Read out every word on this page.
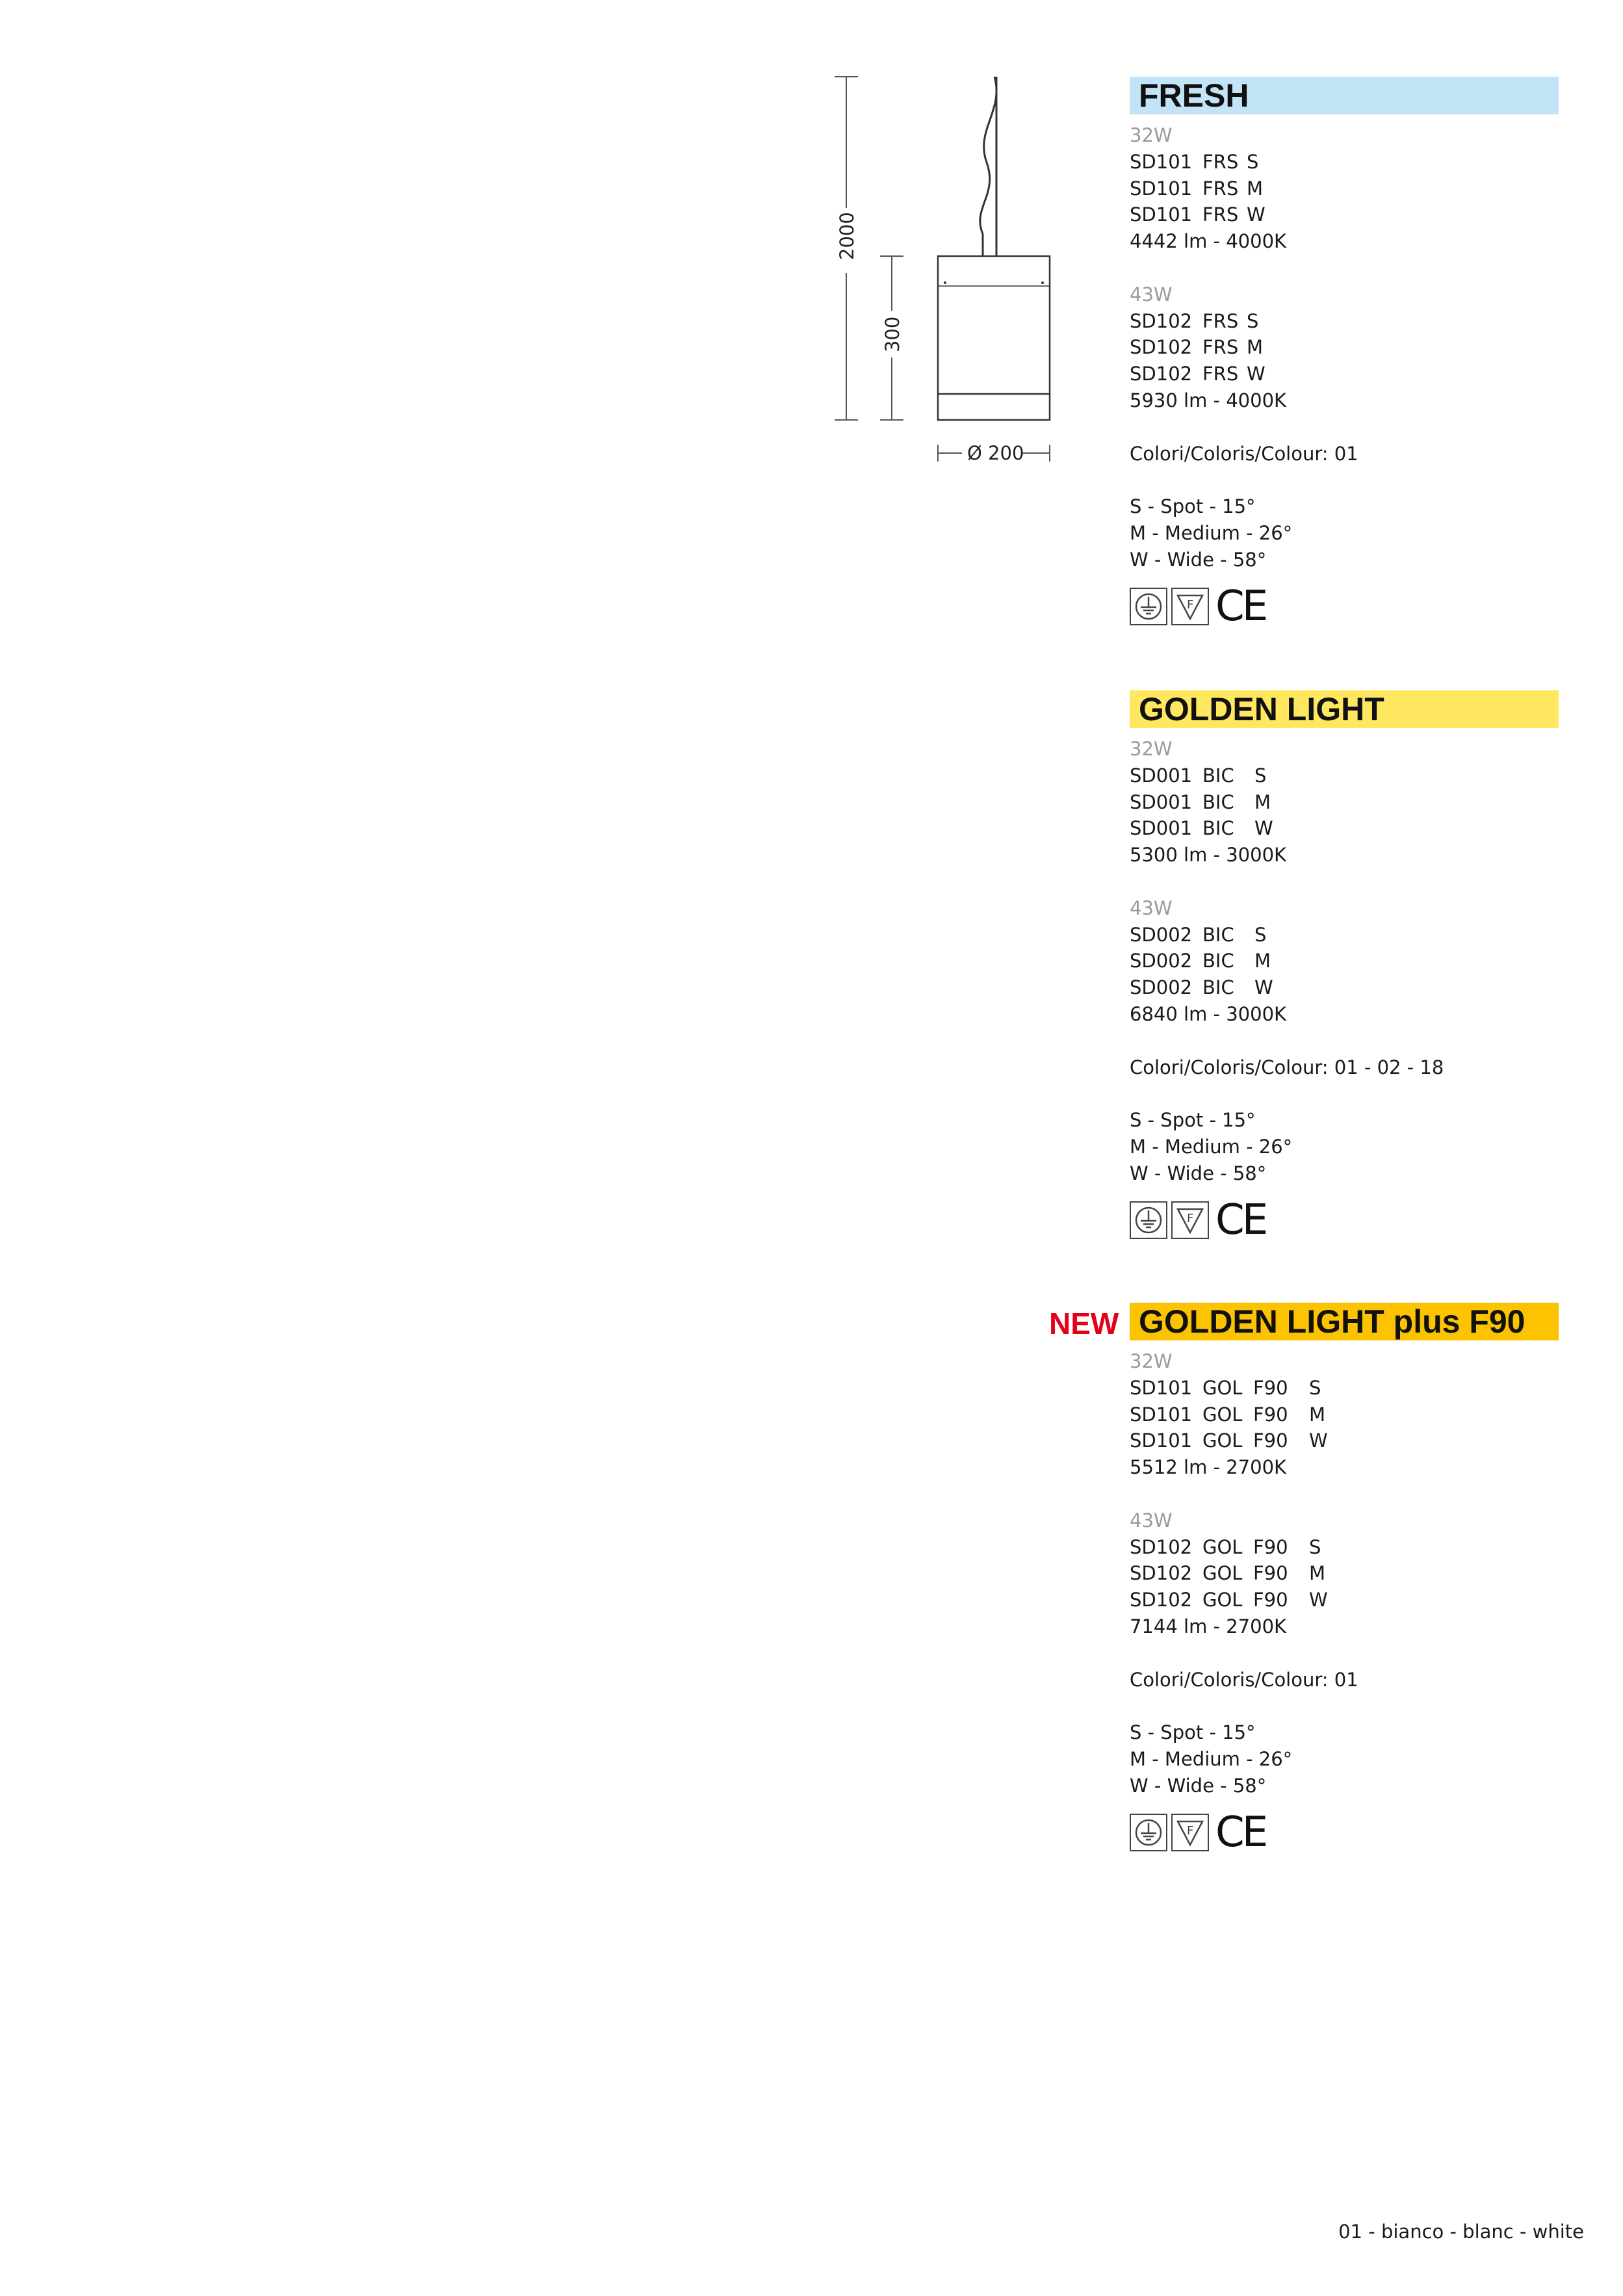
2000
300
Ø 200
FRESH
32W
SD101 FRS S
SD101 FRS M
SD101 FRS W
4442 lm - 4000K
43W
SD102 FRS S
SD102 FRS M
SD102 FRS W
5930 lm - 4000K
Colori/Coloris/Colour: 01
S - Spot - 15°
M - Medium - 26°
W - Wide - 58°
F CE
GOLDEN LIGHT
32W
SD001 BIC S
SD001 BIC M
SD001 BIC W
5300 lm - 3000K
43W
SD002 BIC S
SD002 BIC M
SD002 BIC W
6840 lm - 3000K
Colori/Coloris/Colour: 01 - 02 - 18
S - Spot - 15°
M - Medium - 26°
W - Wide - 58°
F CE
GOLDEN LIGHT plus F90
NEW
32W
SD101 GOL F90 S
SD101 GOL F90 M
SD101 GOL F90 W
5512 lm - 2700K
43W
SD102 GOL F90 S
SD102 GOL F90 M
SD102 GOL F90 W
7144 lm - 2700K
Colori/Coloris/Colour: 01
S - Spot - 15°
M - Medium - 26°
W - Wide - 58°
F CE
01 - bianco - blanc - white
